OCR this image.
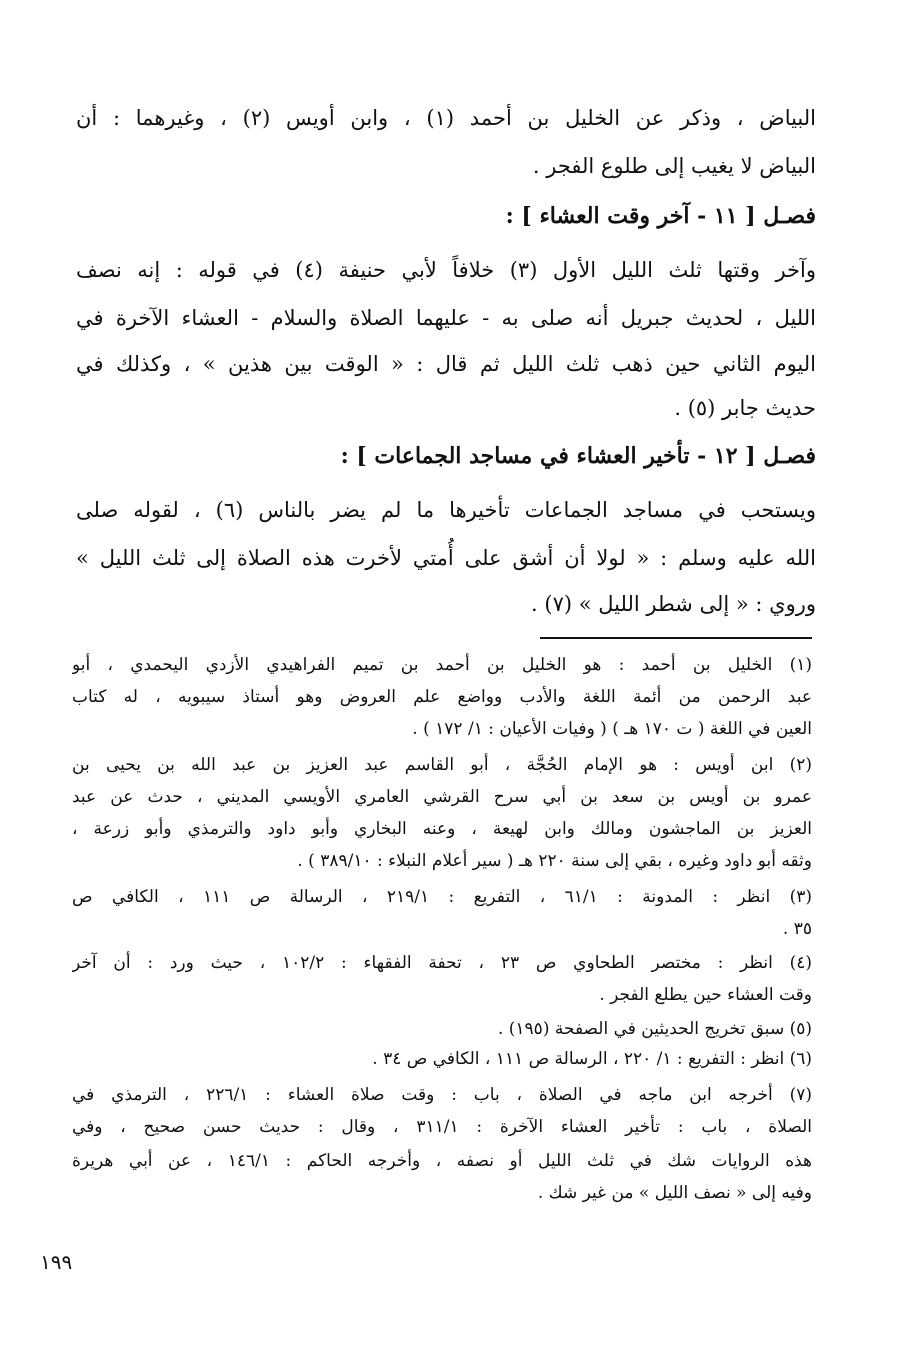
البياض ، وذكر عن الخليل بن أحمد (١) ، وابن أويس (٢) ، وغيرهما : أن
البياض لا يغيب إلى طلوع الفجر .
فصـل [ ١١ - آخر وقت العشاء ] :
وآخر وقتها ثلث الليل الأول (٣) خلافاً لأبي حنيفة (٤) في قوله : إنه نصف
الليل ، لحديث جبريل أنه صلى به - عليهما الصلاة والسلام - العشاء الآخرة في
اليوم الثاني حين ذهب ثلث الليل ثم قال : « الوقت بين هذين » ، وكذلك في
حديث جابر (٥) .
فصـل [ ١٢ - تأخير العشاء في مساجد الجماعات ] :
ويستحب في مساجد الجماعات تأخيرها ما لم يضر بالناس (٦) ، لقوله صلى
الله عليه وسلم : « لولا أن أشق على أُمتي لأخرت هذه الصلاة إلى ثلث الليل »
وروي : « إلى شطر الليل » (٧) .
(١) الخليل بن أحمد : هو الخليل بن أحمد بن تميم الفراهيدي الأزدي اليحمدي ، أبو
عبد الرحمن من أئمة اللغة والأدب وواضع علم العروض وهو أستاذ سيبويه ، له كتاب
العين في اللغة ( ت ١٧٠ هـ ) ( وفيات الأعيان : ١/ ١٧٢ ) .
(٢) ابن أويس : هو الإمام الحُجَّة ، أبو القاسم عبد العزيز بن عبد الله بن يحيى بن
عمرو بن أويس بن سعد بن أبي سرح القرشي العامري الأويسي المديني ، حدث عن عبد
العزيز بن الماجشون ومالك وابن لهيعة ، وعنه البخاري وأبو داود والترمذي وأبو زرعة ،
وثقه أبو داود وغيره ، بقي إلى سنة ٢٢٠ هـ ( سير أعلام النبلاء : ٣٨٩/١٠ ) .
(٣) انظر : المدونة : ٦١/١ ، التفريع : ٢١٩/١ ، الرسالة ص ١١١ ، الكافي ص
٣٥ .
(٤) انظر : مختصر الطحاوي ص ٢٣ ، تحفة الفقهاء : ١٠٢/٢ ، حيث ورد : أن آخر
وقت العشاء حين يطلع الفجر .
(٥) سبق تخريج الحديثين في الصفحة (١٩٥) .
(٦) انظر : التفريع : ١/ ٢٢٠ ، الرسالة ص ١١١ ، الكافي ص ٣٤ .
(٧) أخرجه ابن ماجه في الصلاة ، باب : وقت صلاة العشاء : ٢٢٦/١ ، الترمذي في
الصلاة ، باب : تأخير العشاء الآخرة : ٣١١/١ ، وقال : حديث حسن صحيح ، وفي
هذه الروايات شك في ثلث الليل أو نصفه ، وأخرجه الحاكم : ١٤٦/١ ، عن أبي هريرة
وفيه إلى « نصف الليل » من غير شك .
١٩٩
